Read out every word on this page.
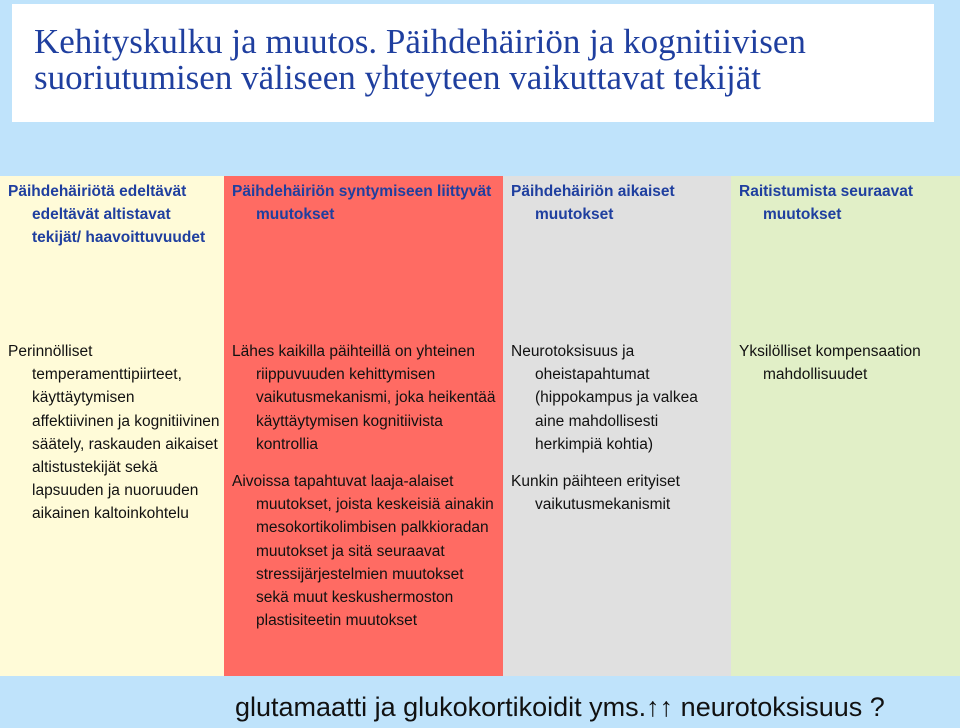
Kehityskulku ja muutos. Päihdehäiriön ja kognitiivisen suoriutumisen väliseen yhteyteen vaikuttavat tekijät
Päihdehäiriötä edeltävät edeltävät altistavat tekijät/ haavoittuvuudet

Perinnölliset temperamenttipiirteet, käyttäytymisen affektiivinen ja kognitiivinen säätely, raskauden aikaiset altistustekijät sekä lapsuuden ja nuoruuden aikainen kaltoinkohtelu

Päihdehäiriön syntymiseen liittyvät muutokset

Lähes kaikilla päihteillä on yhteinen riippuvuuden kehittymisen vaikutusmekanismi, joka heikentää käyttäytymisen kognitiivista kontrollia

Aivoissa tapahtuvat laaja-alaiset muutokset, joista keskeisiä ainakin mesokortikolimbisen palkkioradan muutokset ja sitä seuraavat stressijärjestelmien muutokset sekä muut keskushermoston plastisiteetin muutokset

Päihdehäiriön aikaiset muutokset

Neurotoksisuus ja oheistapahtumat (hippokampus ja valkea aine mahdollisesti herkimpiä kohtia)

Kunkin päihteen erityiset vaikutusmekanismit

Raitistumista seuraavat muutokset

Yksilölliset kompensaation mahdollisuudet

glutamaatti ja glukokortikoidit yms.↑↑ neurotoksisuus ?
